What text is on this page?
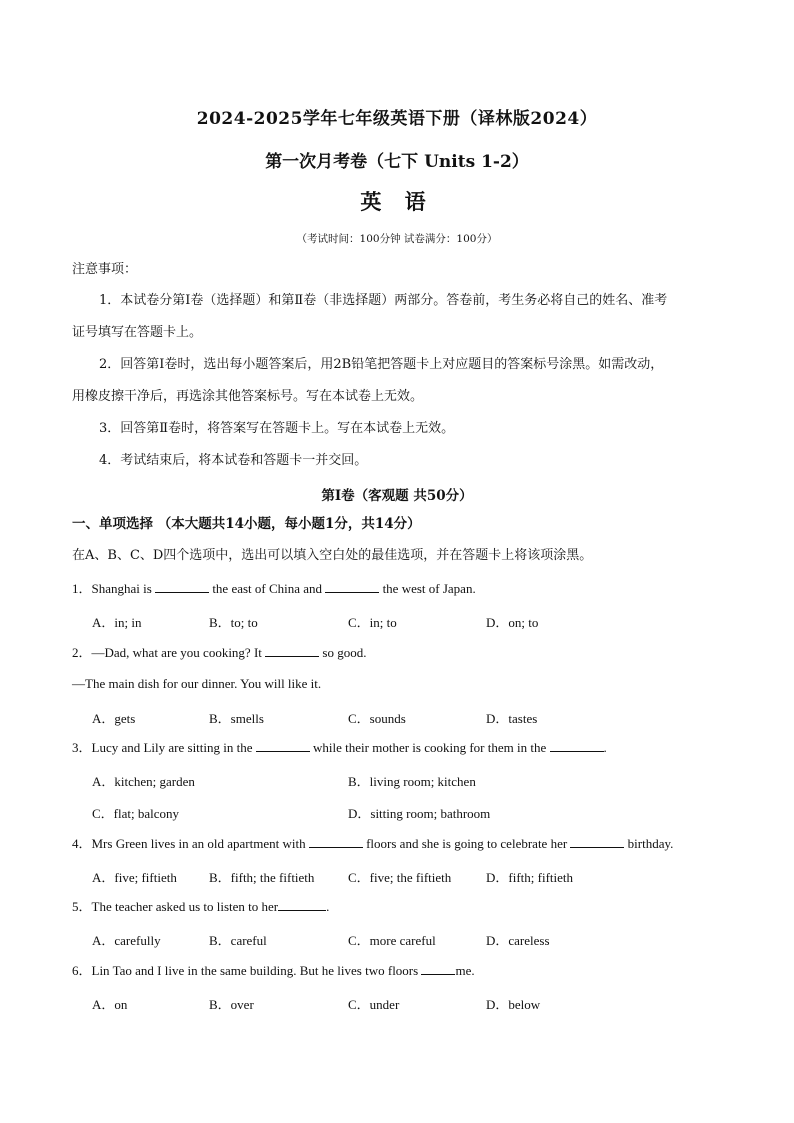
2024-2025学年七年级英语下册（译林版2024）
第一次月考卷（七下 Units 1-2）
英 语
（考试时间：100分钟 试卷满分：100分）
注意事项：
1．本试卷分第Ⅰ卷（选择题）和第Ⅱ卷（非选择题）两部分。答卷前，考生务必将自己的姓名、准考
证号填写在答题卡上。
2．回答第Ⅰ卷时，选出每小题答案后，用2B铅笔把答题卡上对应题目的答案标号涂黑。如需改动，
用橡皮擦干净后，再选涂其他答案标号。写在本试卷上无效。
3．回答第Ⅱ卷时，将答案写在答题卡上。写在本试卷上无效。
4．考试结束后，将本试卷和答题卡一并交回。
第Ⅰ卷（客观题 共50分）
一、单项选择 （本大题共14小题，每小题1分，共14分）
在A、B、C、D四个选项中，选出可以填入空白处的最佳选项，并在答题卡上将该项涂黑。
1．Shanghai is	the east of China and	the west of Japan.
A．in; in	B．to; to	C．in; to	D．on; to
2．—Dad, what are you cooking? It	so good.
—The main dish for our dinner. You will like it.
A．gets	B．smells	C．sounds	D．tastes
3．Lucy and Lily are sitting in the	while their mother is cooking for them in the	.
A．kitchen; garden	B．living room; kitchen
C．flat; balcony	D．sitting room; bathroom
4．Mrs Green lives in an old apartment with	floors and she is going to celebrate her	birthday.
A．five; fiftieth B．fifth; the fiftieth	C．five; the fiftieth	D．fifth; fiftieth
5．The teacher asked us to listen to her	.
A．carefully	B．careful	C．more careful	D．careless
6．Lin Tao and I live in the same building. But he lives two floors	me.
A．on	B．over	C．under	D．below
